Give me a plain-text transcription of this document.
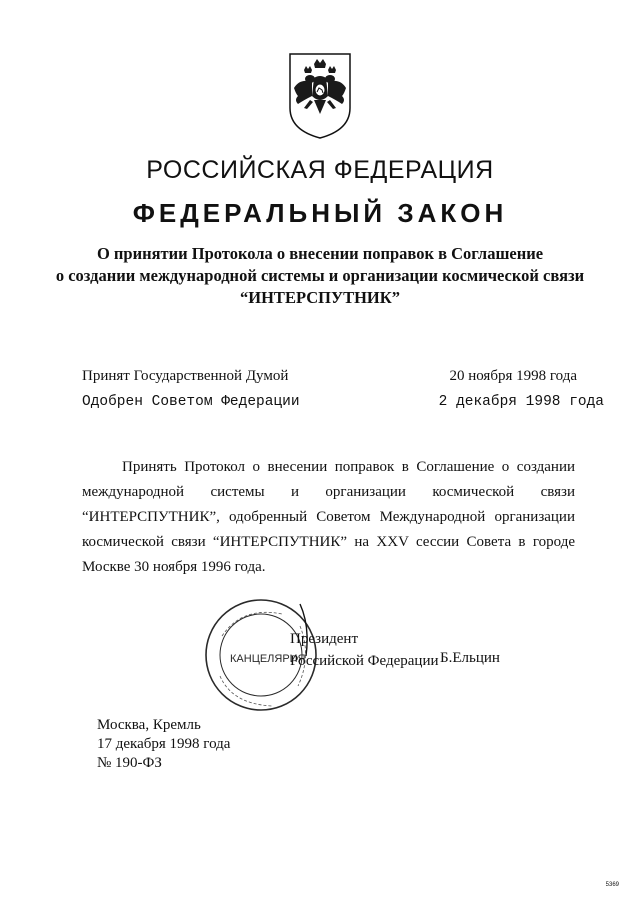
РОССИЙСКАЯ ФЕДЕРАЦИЯ
ФЕДЕРАЛЬНЫЙ ЗАКОН
О принятии Протокола о внесении поправок в Соглашение
о создании международной системы и организации космической связи
“ИНТЕРСПУТНИК”
Принят Государственной Думой	20 ноября 1998 года
Одобрен Советом Федерации	2 декабря 1998 года

Принять Протокол о внесении поправок в Соглашение о создании международной системы и организации космической связи “ИНТЕРСПУТНИК”, одобренный Советом Международной организации космической связи “ИНТЕРСПУТНИК” на XXV сессии Совета в городе Москве 30 ноября 1996 года.

КАНЦЕЛЯРИЯ
Президент
Российской Федерации Б.Ельцин
Москва, Кремль
17 декабря 1998 года
№ 190-ФЗ
5369
